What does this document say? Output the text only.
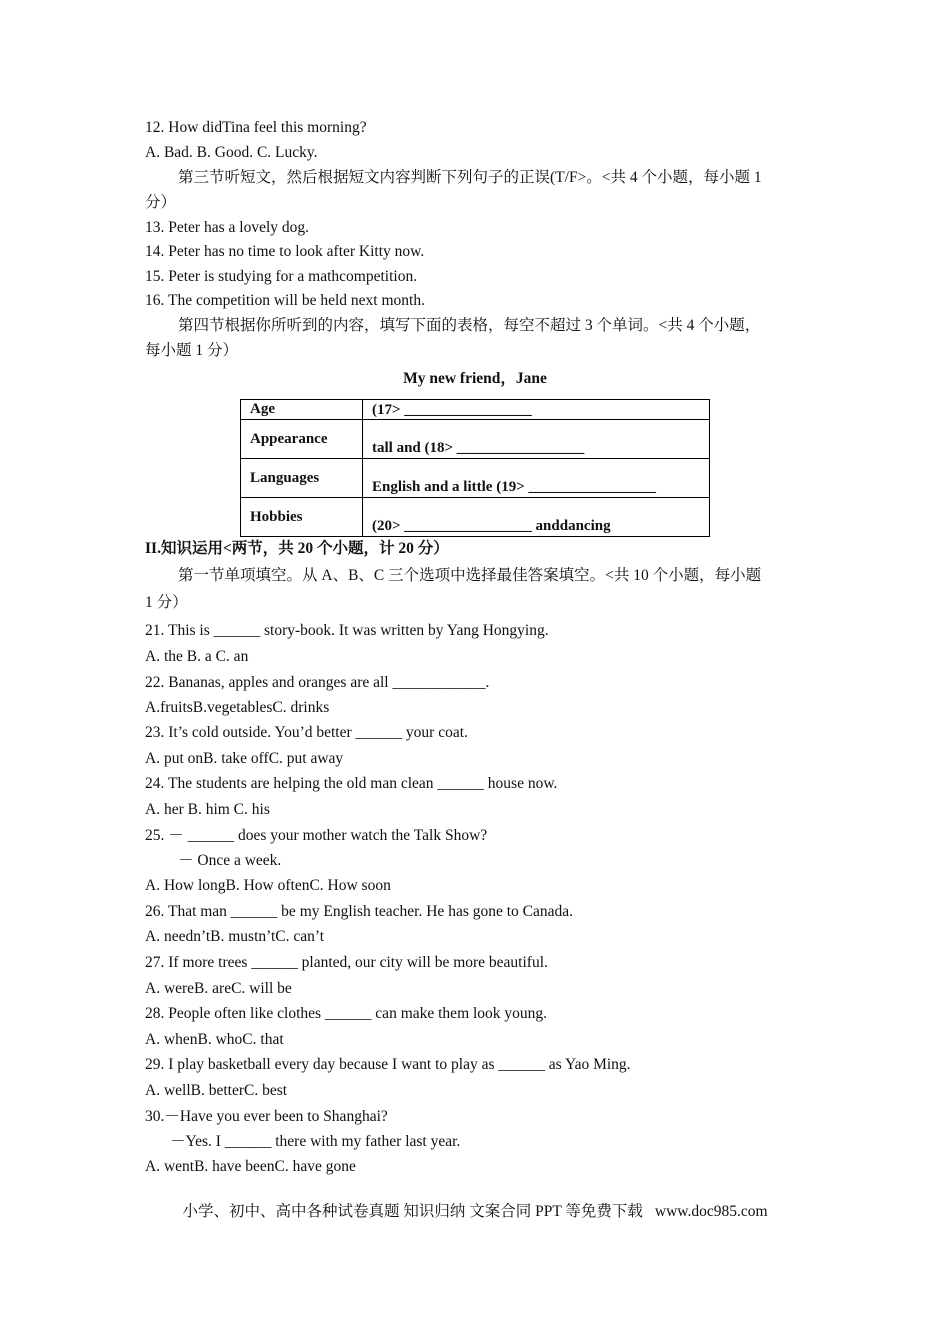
12. How didTina feel this morning?
A. Bad. B. Good. C. Lucky.
第三节听短文，然后根据短文内容判断下列句子的正误(T/F>。<共 4 个小题，每小题 1
分）
13. Peter has a lovely dog.
14. Peter has no time to look after Kitty now.
15. Peter is studying for a mathcompetition.
16. The competition will be held next month.
第四节根据你所听到的内容，填写下面的表格，每空不超过 3 个单词。<共 4 个小题，
每小题 1 分）
My new friend，Jane
Age	(17> _________________
Appearance	tall and (18> _________________
Languages	English and a little (19> _________________
Hobbies	(20> _________________ anddancing
II.知识运用<两节，共 20 个小题，计 20 分）
第一节单项填空。从 A、B、C 三个选项中选择最佳答案填空。<共 10 个小题，每小题
1 分）
21. This is ______ story-book. It was written by Yang Hongying.
A. the B. a C. an
22. Bananas, apples and oranges are all ____________.
A.fruitsB.vegetablesC. drinks
23. It’s cold outside. You’d better ______ your coat.
A. put onB. take offC. put away
24. The students are helping the old man clean ______ house now.
A. her B. him C. his
25. － ______ does your mother watch the Talk Show?
－ Once a week.
A. How longB. How oftenC. How soon
26. That man ______ be my English teacher. He has gone to Canada.
A. needn’tB. mustn’tC. can’t
27. If more trees ______ planted, our city will be more beautiful.
A. wereB. areC. will be
28. People often like clothes ______ can make them look young.
A. whenB. whoC. that
29. I play basketball every day because I want to play as ______ as Yao Ming.
A. wellB. betterC. best
30.－Have you ever been to Shanghai?
－Yes. I ______ there with my father last year.
A. wentB. have beenC. have gone
小学、初中、高中各种试卷真题 知识归纳 文案合同 PPT 等免费下载 www.doc985.com
